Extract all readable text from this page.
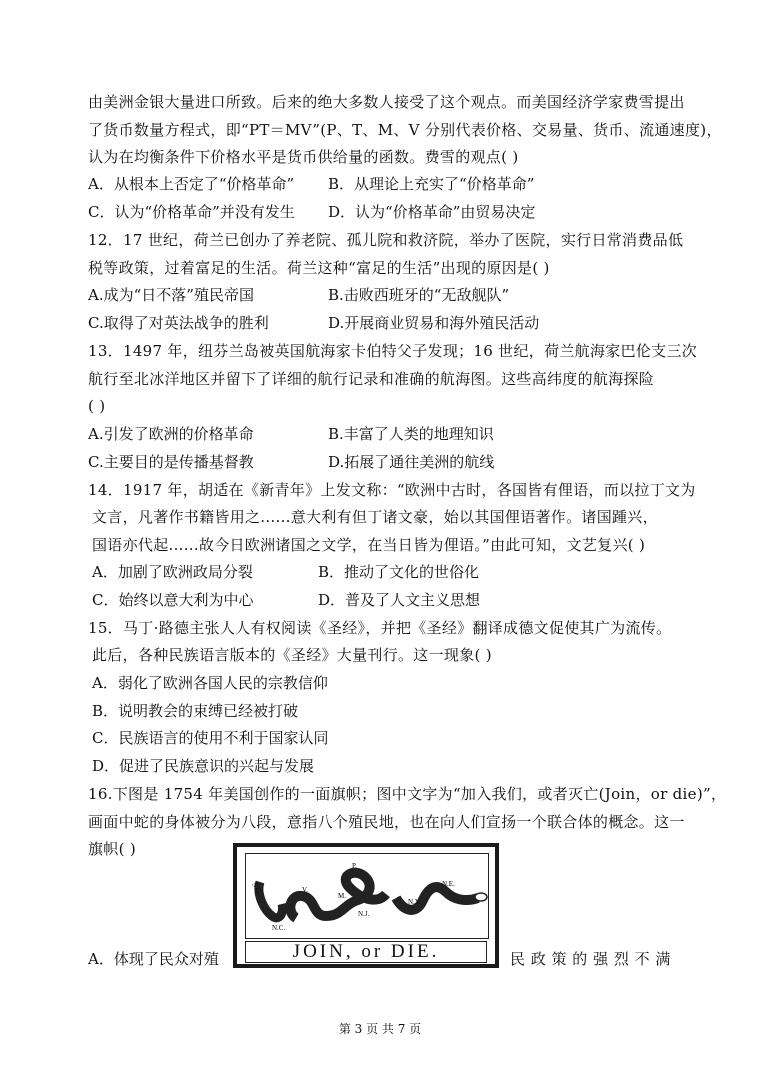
由美洲金银大量进口所致。后来的绝大多数人接受了这个观点。而美国经济学家费雪提出
了货币数量方程式，即“PT＝MV”(P、T、M、V 分别代表价格、交易量、货币、流通速度)，
认为在均衡条件下价格水平是货币供给量的函数。费雪的观点( )
A．从根本上否定了“价格革命” B．从理论上充实了“价格革命”
C．认为“价格革命”并没有发生 D．认为“价格革命”由贸易决定
12．17 世纪，荷兰已创办了养老院、孤儿院和救济院，举办了医院，实行日常消费品低
税等政策，过着富足的生活。荷兰这种“富足的生活”出现的原因是( )
A.成为“日不落”殖民帝国	B.击败西班牙的“无敌舰队”
C.取得了对英法战争的胜利	D.开展商业贸易和海外殖民活动
13．1497 年，纽芬兰岛被英国航海家卡伯特父子发现；16 世纪，荷兰航海家巴伦支三次
航行至北冰洋地区并留下了详细的航行记录和准确的航海图。这些高纬度的航海探险
( )
A.引发了欧洲的价格革命	B.丰富了人类的地理知识
C.主要目的是传播基督教	D.拓展了通往美洲的航线
14．1917 年，胡适在《新青年》上发文称：“欧洲中古时，各国皆有俚语，而以拉丁文为
文言，凡著作书籍皆用之......意大利有但丁诸文豪，始以其国俚语著作。诸国踵兴，
国语亦代起......故今日欧洲诸国之文学，在当日皆为俚语。”由此可知，文艺复兴( )
A．加剧了欧洲政局分裂	B．推动了文化的世俗化
C．始终以意大利为中心	D．普及了人文主义思想
15．马丁·路德主张人人有权阅读《圣经》，并把《圣经》翻译成德文促使其广为流传。
此后，各种民族语言版本的《圣经》大量刊行。这一现象( )
A．弱化了欧洲各国人民的宗教信仰
B．说明教会的束缚已经被打破
C．民族语言的使用不利于国家认同
D．促进了民族意识的兴起与发展
16.下图是 1754 年美国创作的一面旗帜；图中文字为“加入我们，或者灭亡(Join，or die)”，
画面中蛇的身体被分为八段，意指八个殖民地，也在向人们宣扬一个联合体的概念。这一
旗帜( )
S.C.
N.C.
V.
M.
P.
N.J.
N.Y.
N.E.
JOIN, or DIE.
A．体现了民众对殖	民 政 策 的 强 烈 不 满
第 3 页 共 7 页
